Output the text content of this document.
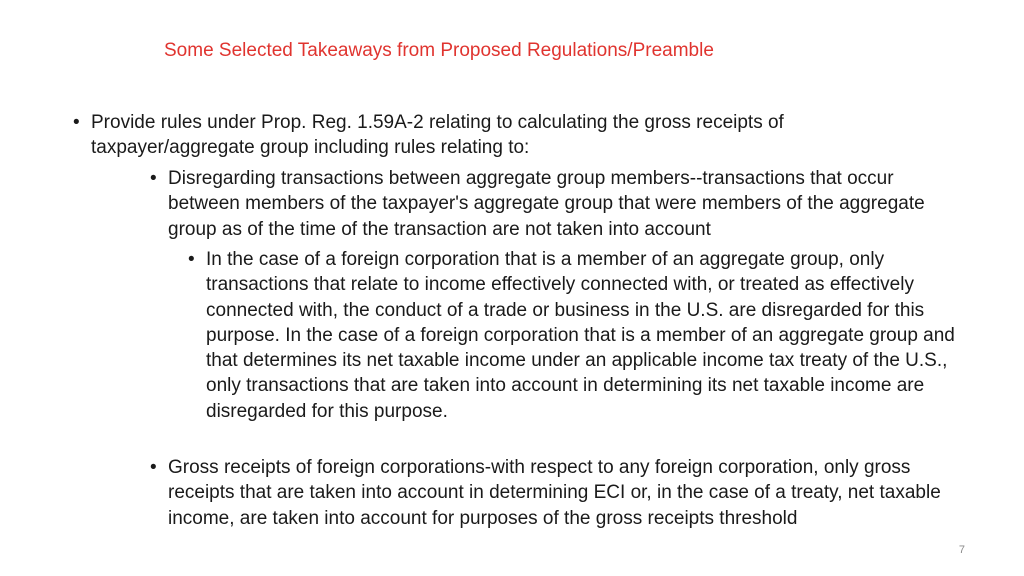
Some Selected Takeaways from Proposed Regulations/Preamble
• Provide rules under Prop. Reg. 1.59A-2 relating to calculating the gross receipts of taxpayer/aggregate group including rules relating to:
• Disregarding transactions between aggregate group members--transactions that occur between members of the taxpayer's aggregate group that were members of the aggregate group as of the time of the transaction are not taken into account
• In the case of a foreign corporation that is a member of an aggregate group, only transactions that relate to income effectively connected with, or treated as effectively connected with, the conduct of a trade or business in the U.S. are disregarded for this purpose. In the case of a foreign corporation that is a member of an aggregate group and that determines its net taxable income under an applicable income tax treaty of the U.S., only transactions that are taken into account in determining its net taxable income are disregarded for this purpose.
• Gross receipts of foreign corporations-with respect to any foreign corporation, only gross receipts that are taken into account in determining ECI or, in the case of a treaty, net taxable income, are taken into account for purposes of the gross receipts threshold
7
